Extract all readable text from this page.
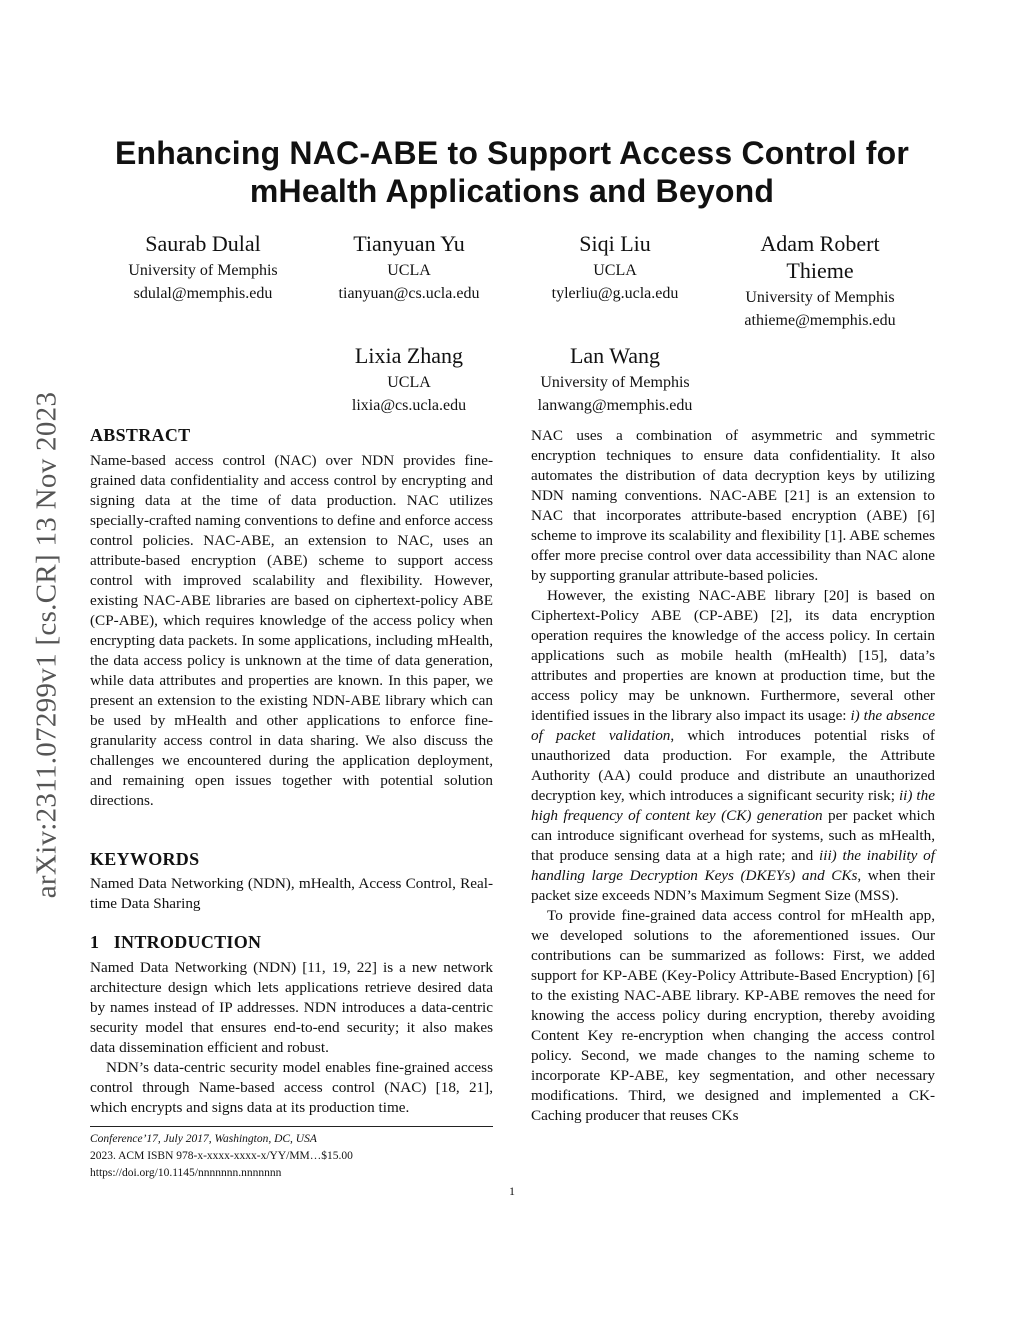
Enhancing NAC-ABE to Support Access Control for
mHealth Applications and Beyond
Saurab Dulal
University of Memphis
sdulal@memphis.edu
Tianyuan Yu
UCLA
tianyuan@cs.ucla.edu
Siqi Liu
UCLA
tylerliu@g.ucla.edu
Adam Robert
Thieme
University of Memphis
athieme@memphis.edu
Lixia Zhang
UCLA
lixia@cs.ucla.edu
Lan Wang
University of Memphis
lanwang@memphis.edu
arXiv:2311.07299v1 [cs.CR] 13 Nov 2023 ABSTRACT

Name-based access control (NAC) over NDN provides fine-grained data confidentiality and access control by encrypting and signing data at the time of data production. NAC utilizes specially-crafted naming conventions to define and enforce access control policies. NAC-ABE, an extension to NAC, uses an attribute-based encryption (ABE) scheme to support access control with improved scalability and flexibility. However, existing NAC-ABE libraries are based on ciphertext-policy ABE (CP-ABE), which requires knowledge of the access policy when encrypting data packets. In some applications, including mHealth, the data access policy is unknown at the time of data generation, while data attributes and properties are known. In this paper, we present an extension to the existing NDN-ABE library which can be used by mHealth and other applications to enforce fine-granularity access control in data sharing. We also discuss the challenges we encountered during the application deployment, and remaining open issues together with potential solution directions.

KEYWORDS

Named Data Networking (NDN), mHealth, Access Control, Real-time Data Sharing

1 INTRODUCTION

Named Data Networking (NDN) [11, 19, 22] is a new network architecture design which lets applications retrieve desired data by names instead of IP addresses. NDN introduces a data-centric security model that ensures end-to-end security; it also makes data dissemination efficient and robust.

NDN’s data-centric security model enables fine-grained access control through Name-based access control (NAC) [18, 21], which encrypts and signs data at its production time.

Conference’17, July 2017, Washington, DC, USA
2023. ACM ISBN 978-x-xxxx-xxxx-x/YY/MM…$15.00
https://doi.org/10.1145/nnnnnnn.nnnnnnn

NAC uses a combination of asymmetric and symmetric encryption techniques to ensure data confidentiality. It also automates the distribution of data decryption keys by utilizing NDN naming conventions. NAC-ABE [21] is an extension to NAC that incorporates attribute-based encryption (ABE) [6] scheme to improve its scalability and flexibility [1]. ABE schemes offer more precise control over data accessibility than NAC alone by supporting granular attribute-based policies.

However, the existing NAC-ABE library [20] is based on Ciphertext-Policy ABE (CP-ABE) [2], its data encryption operation requires the knowledge of the access policy. In certain applications such as mobile health (mHealth) [15], data’s attributes and properties are known at production time, but the access policy may be unknown. Furthermore, several other identified issues in the library also impact its usage: i) the absence of packet validation, which introduces potential risks of unauthorized data production. For example, the Attribute Authority (AA) could produce and distribute an unauthorized decryption key, which introduces a significant security risk; ii) the high frequency of content key (CK) generation per packet which can introduce significant overhead for systems, such as mHealth, that produce sensing data at a high rate; and iii) the inability of handling large Decryption Keys (DKEYs) and CKs, when their packet size exceeds NDN’s Maximum Segment Size (MSS).

To provide fine-grained data access control for mHealth app, we developed solutions to the aforementioned issues. Our contributions can be summarized as follows: First, we added support for KP-ABE (Key-Policy Attribute-Based Encryption) [6] to the existing NAC-ABE library. KP-ABE removes the need for knowing the access policy during encryption, thereby avoiding Content Key re-encryption when changing the access control policy. Second, we made changes to the naming scheme to incorporate KP-ABE, key segmentation, and other necessary modifications. Third, we designed and implemented a CK-Caching producer that reuses CKs

1
